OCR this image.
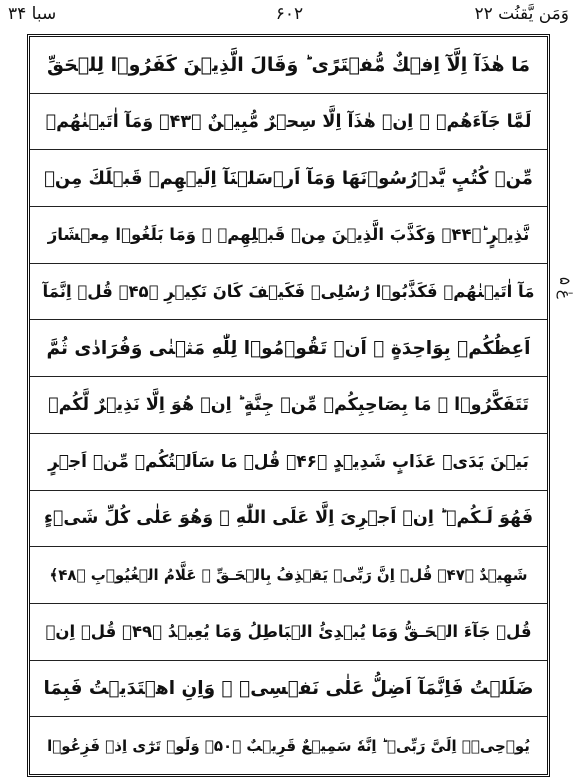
سبا ۳۴	۶۰۲	وَمَن یَّقنُت ۲۲
مَا هٰذَآ اِلَّآ اِفۡكٌ مُّفۡتَرًى ؕ وَقَالَ الَّذِيۡنَ كَفَرُوۡا لِلۡحَقِّ
لَمَّا جَآءَهُمۡ ۙ اِنۡ هٰذَآ اِلَّا سِحۡرٌ مُّبِيۡنٌ ﴿۴۳﴾ وَمَآ اٰتَيۡنٰهُمۡ
مِّنۡ كُتُبٍ يَّدۡرُسُوۡنَهَا وَمَآ اَرۡسَلۡنَآ اِلَيۡهِمۡ قَبۡلَكَ مِنۡ
نَّذِيۡرٍ ؕ﴿۴۴﴾ وَكَذَّبَ الَّذِيۡنَ مِنۡ قَبۡلِهِمۡ ۙ وَمَا بَلَغُوۡا مِعۡشَارَ
مَآ اٰتَيۡنٰهُمۡ فَكَذَّبُوۡا رُسُلِىۡ فَكَيۡفَ كَانَ نَكِيۡرِ ﴿۴۵﴾ قُلۡ اِنَّمَآ
اَعِظُكُمۡ بِوَاحِدَةٍ ۚ اَنۡ تَقُوۡمُوۡا لِلّٰهِ مَثۡنٰى وَفُرَادٰى ثُمَّ
تَتَفَكَّرُوۡا ۚ مَا بِصَاحِبِكُمۡ مِّنۡ جِنَّةٍ ؕ اِنۡ هُوَ اِلَّا نَذِيۡرٌ لَّكُمۡ
بَيۡنَ يَدَىۡ عَذَابٍ شَدِيۡدٍ ﴿۴۶﴾ قُلۡ مَا سَاَلۡتُكُمۡ مِّنۡ اَجۡرٍ
فَهُوَ لَـكُمۡ ؕ اِنۡ اَجۡرِىَ اِلَّا عَلَى اللّٰهِ ۚ وَهُوَ عَلٰى كُلِّ شَىۡءٍ
شَهِيۡدٌ ﴿۴۷﴾ قُلۡ اِنَّ رَبِّىۡ يَقۡذِفُ بِالۡحَـقِّ ۚ عَلَّامُ الۡغُيُوۡبِ ﴿۴۸﴾
قُلۡ جَآءَ الۡحَـقُّ وَمَا يُبۡدِئُ الۡبَاطِلُ وَمَا يُعِيۡدُ ﴿۴۹﴾ قُلۡ اِنۡ
ضَلَلۡتُ فَاِنَّمَآ اَضِلُّ عَلٰى نَفۡسِىۡ ۚ وَاِنِ اهۡتَدَيۡتُ فَبِمَا
يُوۡحِىۡۤ اِلَىَّ رَبِّىۡ ؕ اِنَّهٗ سَمِيۡعٌ قَرِيۡبٌ ﴿۵۰﴾ وَلَوۡ تَرٰٓى اِذۡ فَزِعُوۡا
عٰ ۵
